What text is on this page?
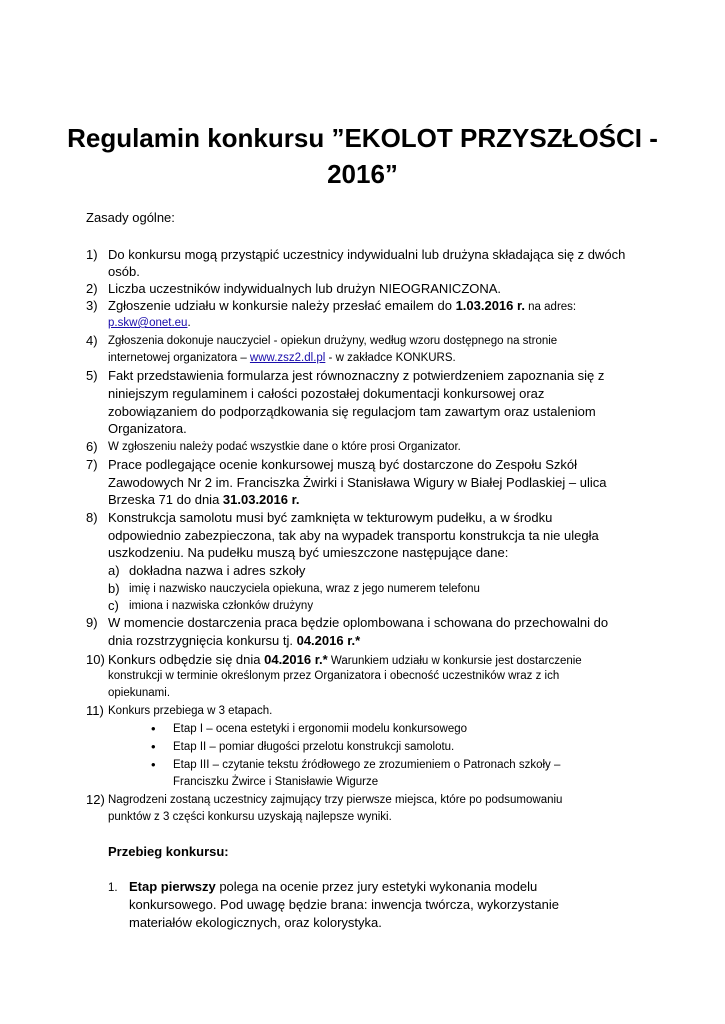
Regulamin konkursu ”EKOLOT PRZYSZŁOŚCI -
2016”
Zasady ogólne:
1) Do konkursu mogą przystąpić uczestnicy indywidualni lub drużyna składająca się z dwóch
osób.
2) Liczba uczestników indywidualnych lub drużyn NIEOGRANICZONA.
3) Zgłoszenie udziału w konkursie należy przesłać emailem do 1.03.2016 r. na adres:
p.skw@onet.eu.
4) Zgłoszenia dokonuje nauczyciel - opiekun drużyny, według wzoru dostępnego na stronie
internetowej organizatora – www.zsz2.dl.pl - w zakładce KONKURS.
5) Fakt przedstawienia formularza jest równoznaczny z potwierdzeniem zapoznania się z
niniejszym regulaminem i całości pozostałej dokumentacji konkursowej oraz
zobowiązaniem do podporządkowania się regulacjom tam zawartym oraz ustaleniom
Organizatora.
6) W zgłoszeniu należy podać wszystkie dane o które prosi Organizator.
7) Prace podlegające ocenie konkursowej muszą być dostarczone do Zespołu Szkół
Zawodowych Nr 2 im. Franciszka Żwirki i Stanisława Wigury w Białej Podlaskiej – ulica
Brzeska 71 do dnia 31.03.2016 r.
8) Konstrukcja samolotu musi być zamknięta w tekturowym pudełku, a w środku
odpowiednio zabezpieczona, tak aby na wypadek transportu konstrukcja ta nie uległa
uszkodzeniu. Na pudełku muszą być umieszczone następujące dane:
a) dokładna nazwa i adres szkoły
b) imię i nazwisko nauczyciela opiekuna, wraz z jego numerem telefonu
c) imiona i nazwiska członków drużyny
9) W momencie dostarczenia praca będzie oplombowana i schowana do przechowalni do
dnia rozstrzygnięcia konkursu tj. 04.2016 r.*
10) Konkurs odbędzie się dnia 04.2016 r.* Warunkiem udziału w konkursie jest dostarczenie
konstrukcji w terminie określonym przez Organizatora i obecność uczestników wraz z ich
opiekunami.
11) Konkurs przebiega w 3 etapach.
• Etap I – ocena estetyki i ergonomii modelu konkursowego
• Etap II – pomiar długości przelotu konstrukcji samolotu.
• Etap III – czytanie tekstu źródłowego ze zrozumieniem o Patronach szkoły –
Franciszku Żwirce i Stanisławie Wigurze
12) Nagrodzeni zostaną uczestnicy zajmujący trzy pierwsze miejsca, które po podsumowaniu
punktów z 3 części konkursu uzyskają najlepsze wyniki.
Przebieg konkursu:
1. Etap pierwszy polega na ocenie przez jury estetyki wykonania modelu
konkursowego. Pod uwagę będzie brana: inwencja twórcza, wykorzystanie
materiałów ekologicznych, oraz kolorystyka.
